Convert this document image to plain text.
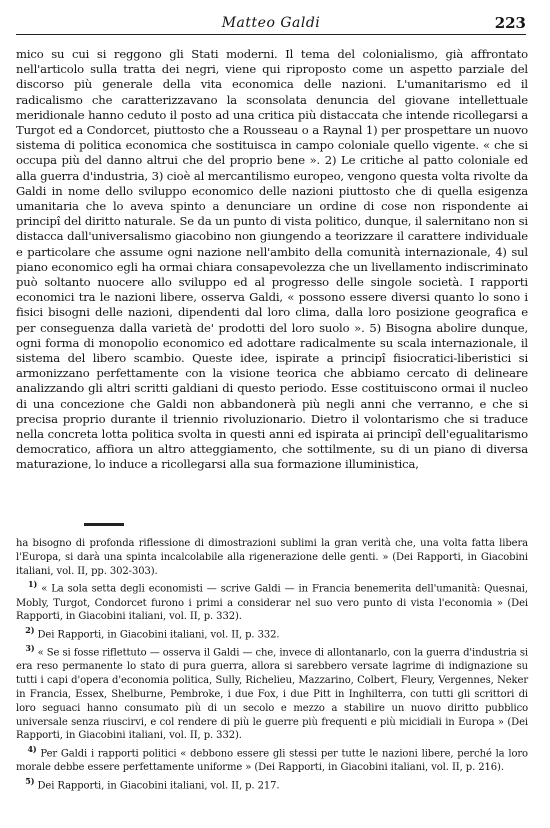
Matteo Galdi	223
mico su cui si reggono gli Stati moderni. Il tema del colonialismo, già affrontato nell'articolo sulla tratta dei negri, viene qui riproposto come un aspetto parziale del discorso più generale della vita economica delle nazioni. L'umanitarismo ed il radicalismo che caratterizzavano la sconsolata denuncia del giovane intellettuale meridionale hanno ceduto il posto ad una critica più distaccata che intende ricollegarsi a Turgot ed a Condorcet, piuttosto che a Rousseau o a Raynal 1) per prospettare un nuovo sistema di politica economica che sostituisca in campo coloniale quello vigente. « che si occupa più del danno altrui che del proprio bene ». 2) Le critiche al patto coloniale ed alla guerra d'industria, 3) cioè al mercantilismo europeo, vengono questa volta rivolte da Galdi in nome dello sviluppo economico delle nazioni piuttosto che di quella esigenza umanitaria che lo aveva spinto a denunciare un ordine di cose non rispondente ai principî del diritto naturale. Se da un punto di vista politico, dunque, il salernitano non si distacca dall'universalismo giacobino non giungendo a teorizzare il carattere individuale e particolare che assume ogni nazione nell'ambito della comunità internazionale, 4) sul piano economico egli ha ormai chiara consapevolezza che un livellamento indiscriminato può soltanto nuocere allo sviluppo ed al progresso delle singole società. I rapporti economici tra le nazioni libere, osserva Galdi, « possono essere diversi quanto lo sono i fisici bisogni delle nazioni, dipendenti dal loro clima, dalla loro posizione geografica e per conseguenza dalla varietà de' prodotti del loro suolo ». 5) Bisogna abolire dunque, ogni forma di monopolio economico ed adottare radicalmente su scala internazionale, il sistema del libero scambio. Queste idee, ispirate a principî fisiocratici-liberistici si armonizzano perfettamente con la visione teorica che abbiamo cercato di delineare analizzando gli altri scritti galdiani di questo periodo. Esse costituiscono ormai il nucleo di una concezione che Galdi non abbandonerà più negli anni che verranno, e che si precisa proprio durante il triennio rivoluzionario. Dietro il volontarismo che si traduce nella concreta lotta politica svolta in questi anni ed ispirata ai principî dell'egualitarismo democratico, affiora un altro atteggiamento, che sottilmente, su di un piano di diversa maturazione, lo induce a ricollegarsi alla sua formazione illuministica,

ha bisogno di profonda riflessione di dimostrazioni sublimi la gran verità che, una volta fatta libera l'Europa, si darà una spinta incalcolabile alla rigenerazione delle genti. » (Dei Rapporti, in Giacobini italiani, vol. II, pp. 302-303).

$^{1)}$ « La sola setta degli economisti — scrive Galdi — in Francia benemerita dell'umanità: Quesnai, Mobly, Turgot, Condorcet furono i primi a considerar nel suo vero punto di vista l'economia » (Dei Rapporti, in Giacobini italiani, vol. II, p. 332).

$^{2)}$ Dei Rapporti, in Giacobini italiani, vol. II, p. 332.

$^{3)}$ « Se si fosse riflettuto — osserva il Galdi — che, invece di allontanarlo, con la guerra d'industria si era reso permanente lo stato di pura guerra, allora si sarebbero versate lagrime di indignazione su tutti i capi d'opera d'economia politica, Sully, Richelieu, Mazzarino, Colbert, Fleury, Vergennes, Neker in Francia, Essex, Shelburne, Pembroke, i due Fox, i due Pitt in Inghilterra, con tutti gli scrittori di loro seguaci hanno consumato più di un secolo e mezzo a stabilire un nuovo diritto pubblico universale senza riuscirvi, e col rendere di più le guerre più frequenti e più micidiali in Europa » (Dei Rapporti, in Giacobini italiani, vol. II, p. 332).

$^{4)}$ Per Galdi i rapporti politici « debbono essere gli stessi per tutte le nazioni libere, perché la loro morale debbe essere perfettamente uniforme » (Dei Rapporti, in Giacobini italiani, vol. II, p. 216).

$^{5)}$ Dei Rapporti, in Giacobini italiani, vol. II, p. 217.
